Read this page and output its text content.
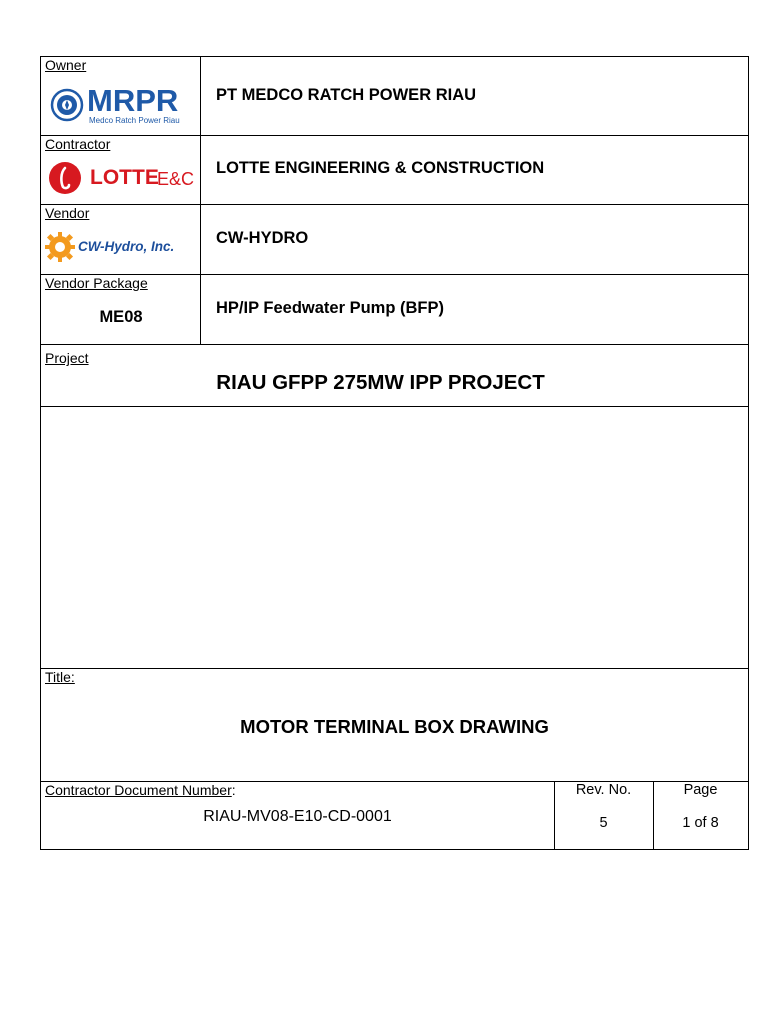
Owner
MRPR
Medco Ratch Power Riau
PT MEDCO RATCH POWER RIAU
Contractor
LOTTE
E&C
LOTTE ENGINEERING & CONSTRUCTION
Vendor
CW-Hydro, Inc.	CW-HYDRO
Vendor Package
ME08	HP/IP Feedwater Pump (BFP)
Project
RIAU GFPP 275MW IPP PROJECT
Title:
MOTOR TERMINAL BOX DRAWING
Contractor Document Number:
RIAU-MV08-E10-CD-0001
Rev. No.
5
Page
1 of 8
